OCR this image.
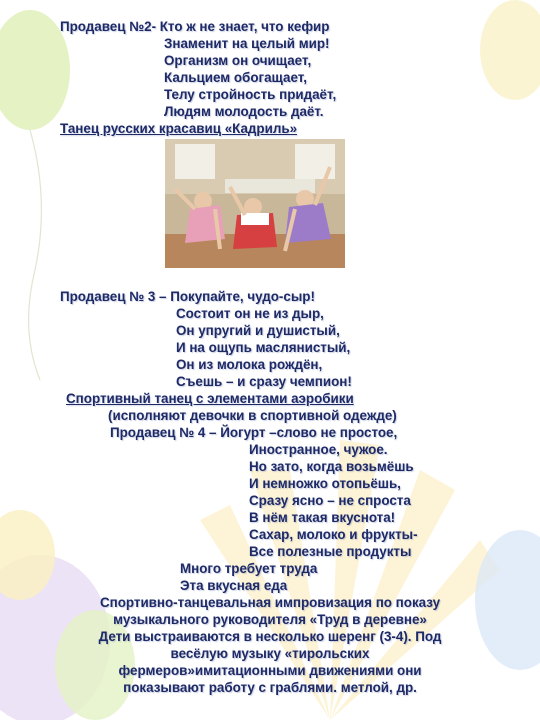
Продавец №2- Кто ж не знает, что кефир
Знаменит на целый мир!
Организм он очищает,
Кальцием обогащает,
Телу стройность придаёт,
Людям молодость даёт.
Танец русских красавиц «Кадриль»
Продавец № 3 – Покупайте, чудо-сыр!
Состоит он не из дыр,
Он упругий и душистый,
И на ощупь маслянистый,
Он из молока рождён,
Съешь – и сразу чемпион!
Спортивный танец с элементами аэробики
(исполняют девочки в спортивной одежде)
Продавец № 4 – Йогурт –слово не простое,
Иностранное, чужое.
Но зато, когда возьмёшь
И немножко отопьёшь,
Сразу ясно – не спроста
В нём такая вкуснота!
Сахар, молоко и фрукты-
Все полезные продукты
Много требует труда
Эта вкусная еда
Спортивно-танцевальная импровизация по показу
музыкального руководителя «Труд в деревне»
Дети выстраиваются в несколько шеренг (3-4). Под
весёлую музыку «тирольских
фермеров»имитационными движениями они
показывают работу с граблями. метлой, др.
